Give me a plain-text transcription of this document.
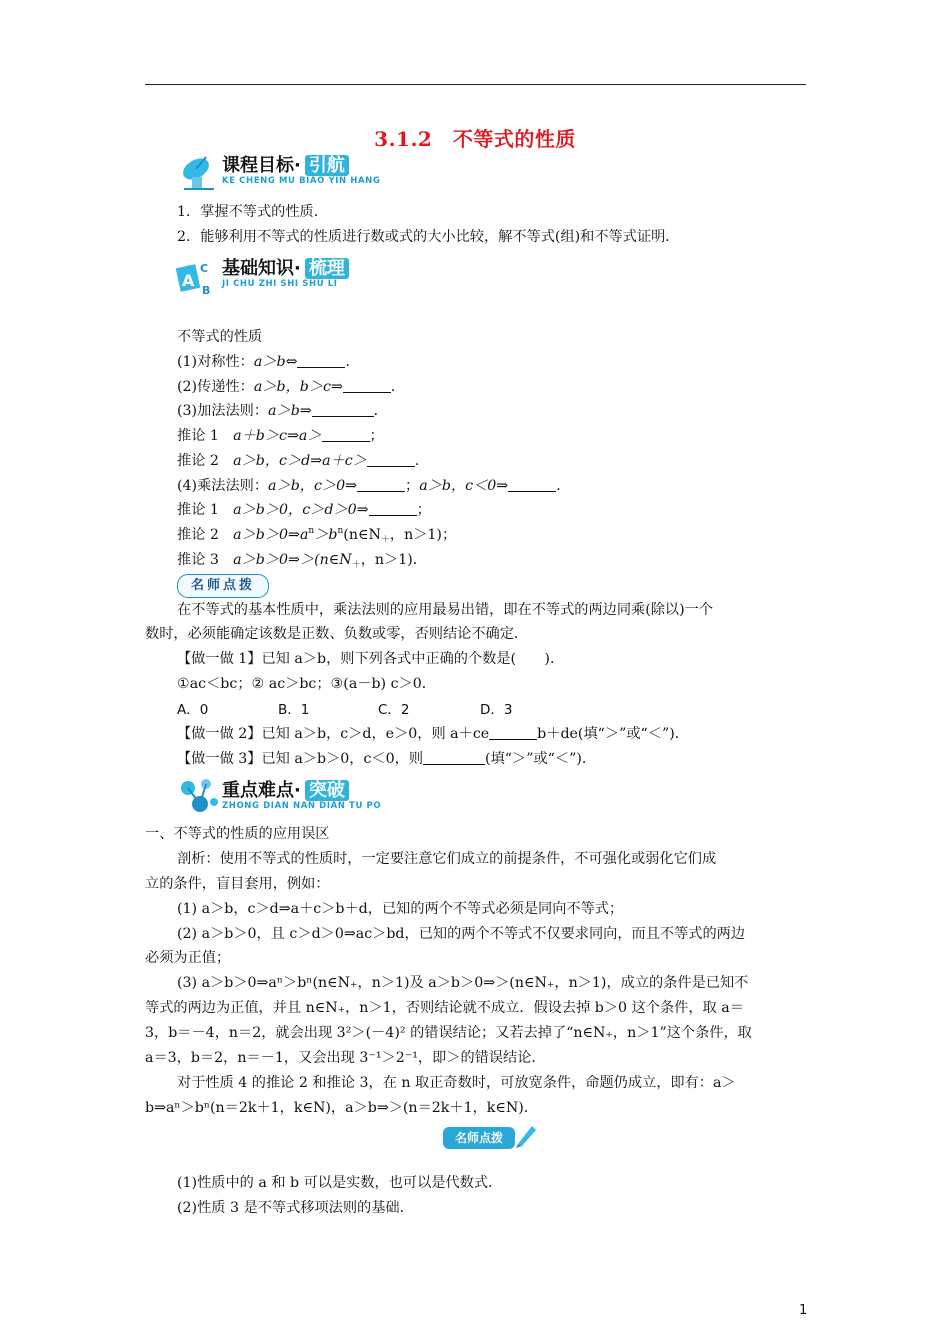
3.1.2　不等式的性质
课程目标· 引航
KE CHENG MU BIAO YIN HANG
1．掌握不等式的性质．
2．能够利用不等式的性质进行数或式的大小比较，解不等式(组)和不等式证明．
A
C
B
基础知识· 梳理
JI CHU ZHI SHI SHU LI
不等式的性质
(1)对称性：a＞b⇔	．
(2)传递性：a＞b，b＞c⇒	．
(3)加法法则：a＞b⇒	．
推论 1　a＋b＞c⇒a＞	；
推论 2　a＞b，c＞d⇒a＋c＞	．
(4)乘法法则：a＞b，c＞0⇒	；a＞b，c＜0⇒	．
推论 1　a＞b＞0，c＞d＞0⇒	；
推论 2　$a>b>0\Rightarrow a^n>b^n(n\in N_+$，n＞1)；
推论 3　$a>b>0\Rightarrow>(n\in N_+$，n＞1)．
名师点拨
在不等式的基本性质中，乘法法则的应用最易出错，即在不等式的两边同乘(除以)一个
数时，必须能确定该数是正数、负数或零，否则结论不确定．
【做一做 1】已知 a＞b，则下列各式中正确的个数是(　　)．
①ac＜bc；② ac＞bc；③(a－b) c＞0．
A．0	B．1	C．2	D．3
【做一做 2】已知 a＞b，c＞d，e＞0，则 a＋ce	b＋de(填“＞”或“＜”)．
【做一做 3】已知 a＞b＞0，c＜0，则	(填“＞”或“＜”)．
重点难点· 突破
ZHONG DIAN NAN DIAN TU PO
一、不等式的性质的应用误区
剖析：使用不等式的性质时，一定要注意它们成立的前提条件，不可强化或弱化它们成
立的条件，盲目套用，例如：
(1) a＞b，c＞d⇒a＋c＞b＋d，已知的两个不等式必须是同向不等式；
(2) a＞b＞0，且 c＞d＞0⇒ac＞bd，已知的两个不等式不仅要求同向，而且不等式的两边
必须为正值；
(3) a＞b＞0⇒aⁿ＞bⁿ(n∈N₊，n＞1)及 a＞b＞0⇒＞(n∈N₊，n＞1)，成立的条件是已知不
等式的两边为正值，并且 n∈N₊，n＞1，否则结论就不成立．假设去掉 b＞0 这个条件，取 a＝
3，b＝－4，n＝2，就会出现 3²＞(－4)² 的错误结论；又若去掉了“n∈N₊，n＞1”这个条件，取
a＝3，b＝2，n＝－1，又会出现 3⁻¹＞2⁻¹，即＞的错误结论．
对于性质 4 的推论 2 和推论 3，在 n 取正奇数时，可放宽条件，命题仍成立，即有：a＞
b⇒aⁿ＞bⁿ(n＝2k＋1，k∈N)，a＞b⇒＞(n＝2k＋1，k∈N)．
名师点拨
(1)性质中的 a 和 b 可以是实数，也可以是代数式．
(2)性质 3 是不等式移项法则的基础．
1
